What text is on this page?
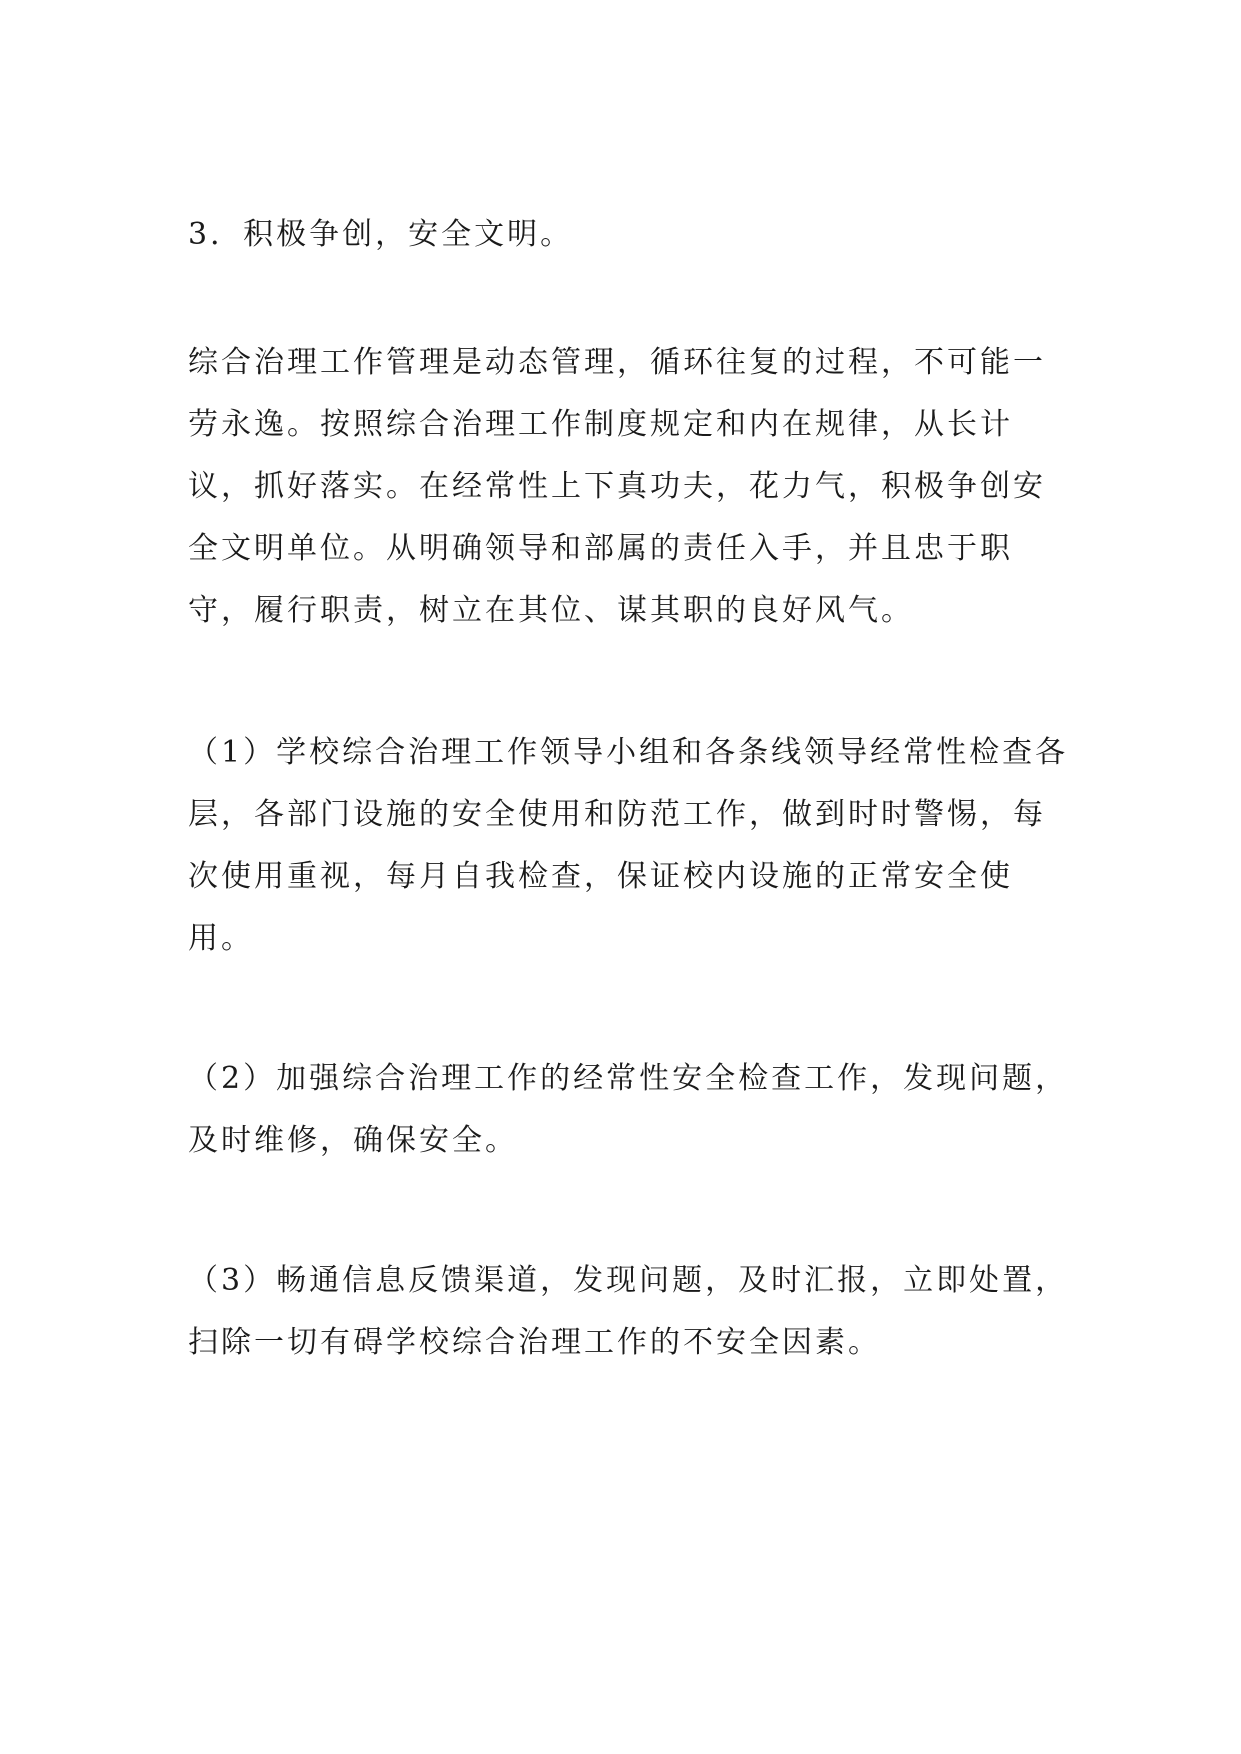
3．积极争创，安全文明。

综合治理工作管理是动态管理，循环往复的过程，不可能一劳永逸。按照综合治理工作制度规定和内在规律，从长计议，抓好落实。在经常性上下真功夫，花力气，积极争创安全文明单位。从明确领导和部属的责任入手，并且忠于职守，履行职责，树立在其位、谋其职的良好风气。

（1）学校综合治理工作领导小组和各条线领导经常性检查各层，各部门设施的安全使用和防范工作，做到时时警惕，每次使用重视，每月自我检查，保证校内设施的正常安全使用。

（2）加强综合治理工作的经常性安全检查工作，发现问题，及时维修，确保安全。

（3）畅通信息反馈渠道，发现问题，及时汇报，立即处置，扫除一切有碍学校综合治理工作的不安全因素。
